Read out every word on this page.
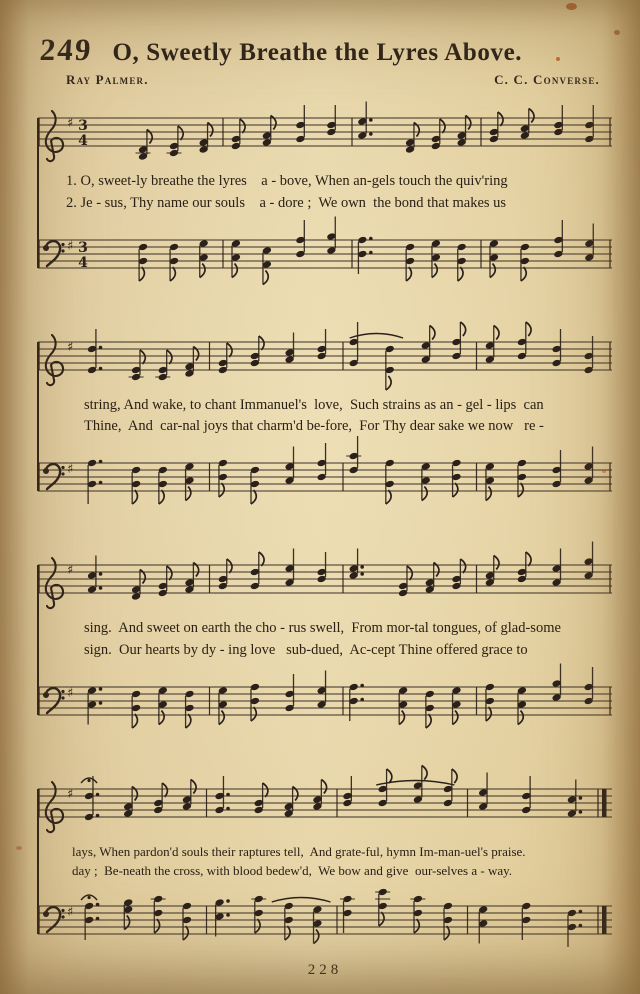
249 O, Sweetly Breathe the Lyres Above.
Ray Palmer.	C. C. Converse.
♯ 3
4
1. O, sweet-ly breathe the lyres    a - bove, When an-gels touch the quiv'ring
2. Je - sus, Thy name our souls    a - dore ;  We own  the bond that makes us
♯ 3
4
♯
string, And wake, to chant Immanuel's  love,  Such strains as an - gel - lips  can
Thine,  And  car-nal joys that charm'd be-fore,  For Thy dear sake we now   re -
♯
♯
sing.  And sweet on earth the cho - rus swell,  From mor-tal tongues, of glad-some
sign.  Our hearts by dy - ing love   sub-dued,  Ac-cept Thine offered grace to
♯
♯
lays, When pardon'd souls their raptures tell,  And grate-ful, hymn Im-man-uel's praise.
day ;  Be-neath the cross, with blood bedew'd,  We bow and give  our-selves a - way.
♯
228
